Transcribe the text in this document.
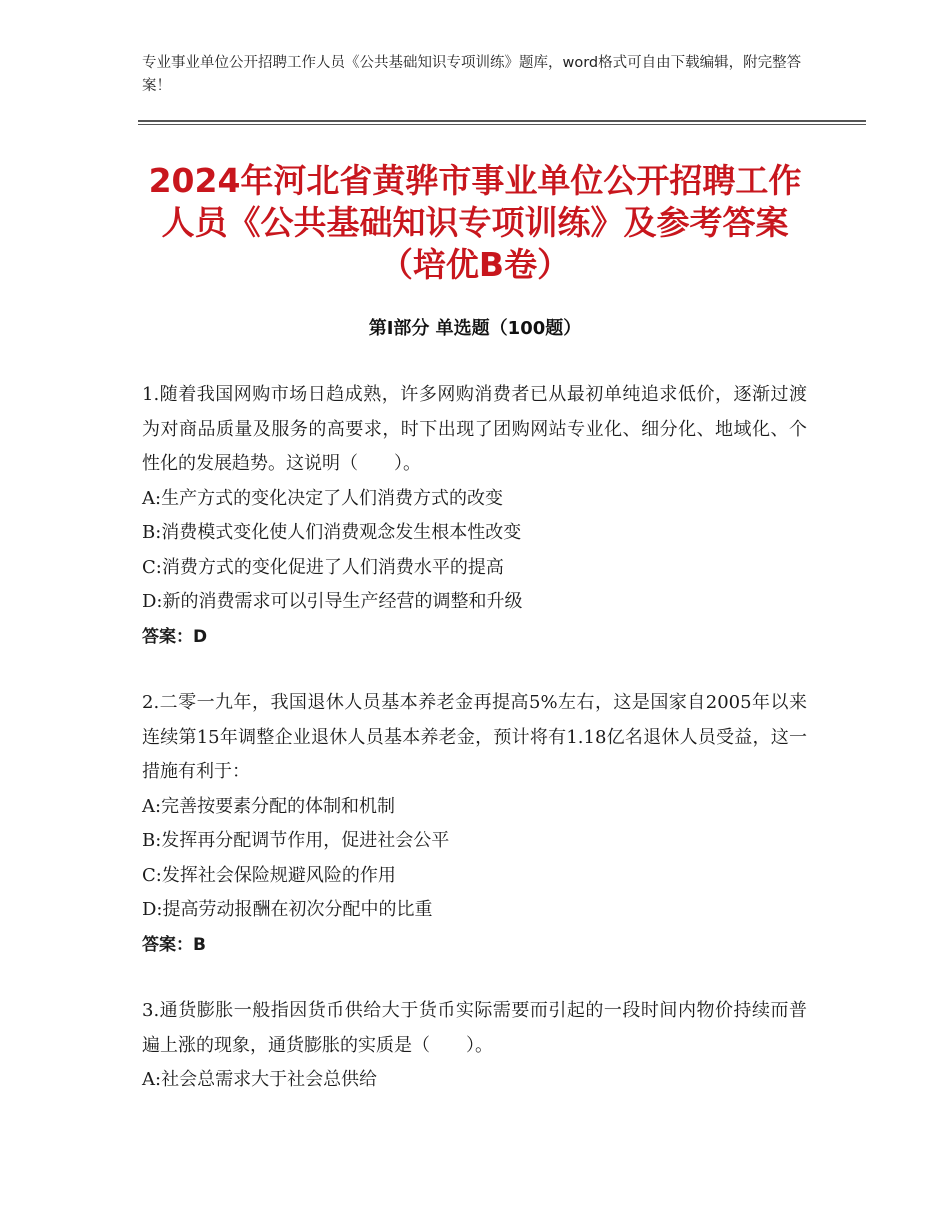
专业事业单位公开招聘工作人员《公共基础知识专项训练》题库，word格式可自由下载编辑，附完整答案！
2024年河北省黄骅市事业单位公开招聘工作
人员《公共基础知识专项训练》及参考答案
（培优B卷）
第Ⅰ部分 单选题（100题）

1.随着我国网购市场日趋成熟，许多网购消费者已从最初单纯追求低价，逐渐过渡为对商品质量及服务的高要求，时下出现了团购网站专业化、细分化、地域化、个性化的发展趋势。这说明（　　）。

A:生产方式的变化决定了人们消费方式的改变

B:消费模式变化使人们消费观念发生根本性改变

C:消费方式的变化促进了人们消费水平的提高

D:新的消费需求可以引导生产经营的调整和升级

答案：D

2.二零一九年，我国退休人员基本养老金再提高5%左右，这是国家自2005年以来连续第15年调整企业退休人员基本养老金，预计将有1.18亿名退休人员受益，这一措施有利于：

A:完善按要素分配的体制和机制

B:发挥再分配调节作用，促进社会公平

C:发挥社会保险规避风险的作用

D:提高劳动报酬在初次分配中的比重

答案：B

3.通货膨胀一般指因货币供给大于货币实际需要而引起的一段时间内物价持续而普遍上涨的现象，通货膨胀的实质是（　　）。

A:社会总需求大于社会总供给
